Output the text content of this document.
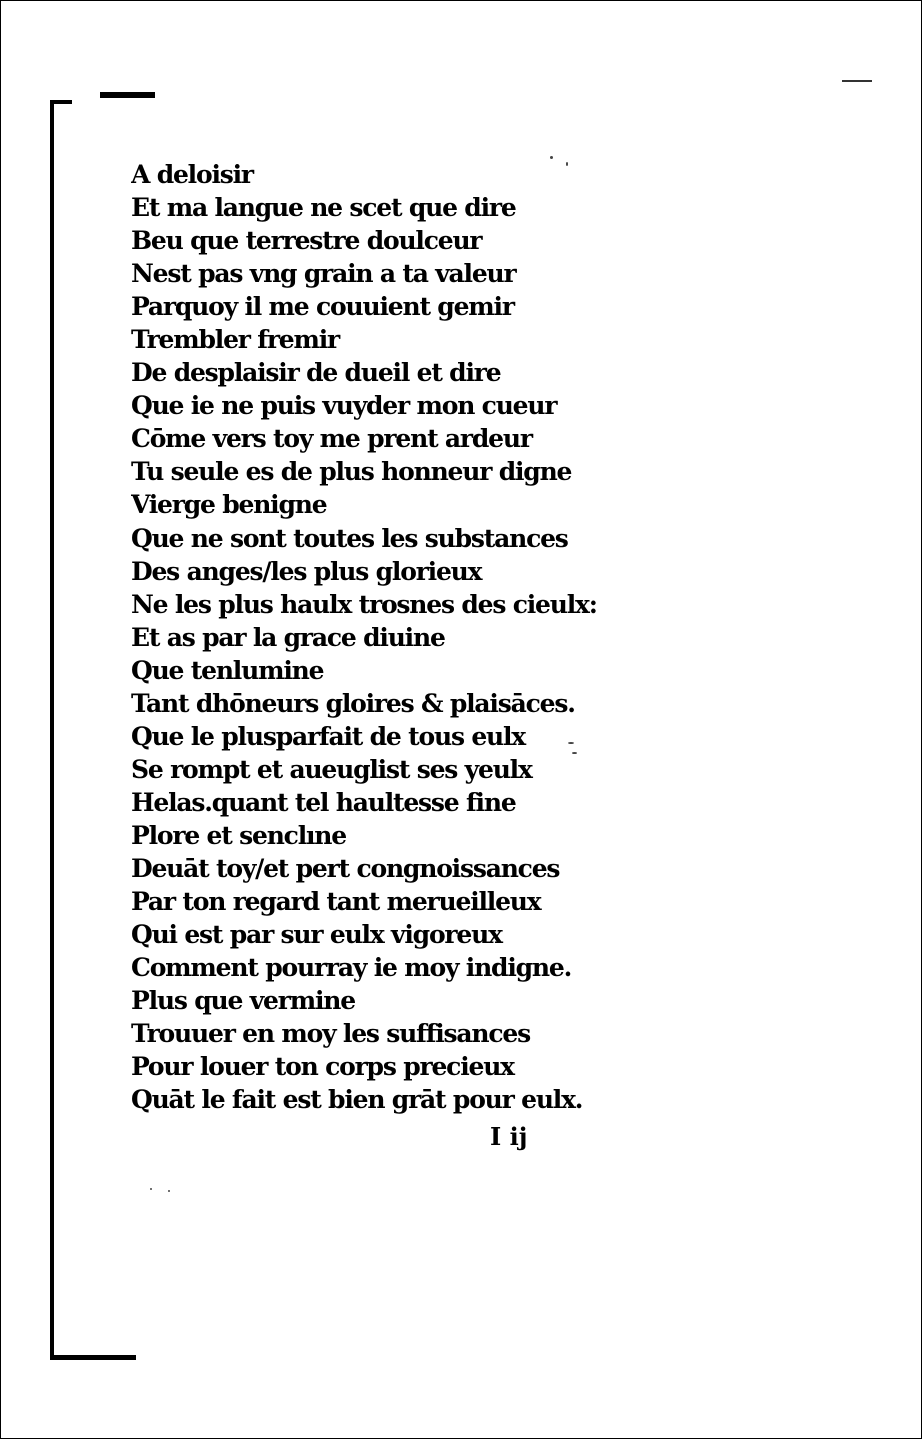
A deloisir
Et ma langue ne scet que dire
Beu que terrestre doulceur
Nest pas vng grain a ta valeur
Parquoy il me couuient gemir
Trembler fremir
De desplaisir de dueil et dire
Que ie ne puis vuyder mon cueur
Cōme vers toy me prent ardeur
Tu seule es de plus honneur digne
Vierge benigne
Que ne sont toutes les substances
Des anges/les plus glorieux
Ne les plus haulx trosnes des cieulx:
Et as par la grace diuine
Que tenlumine
Tant dhōneurs gloires & plaisāces.
Que le plusparfait de tous eulx
Se rompt et aueuglist ses yeulx
Helas.quant tel haultesse fine
Plore et senclıne
Deuāt toy/et pert congnoissances
Par ton regard tant merueilleux
Qui est par sur eulx vigoreux
Comment pourray ie moy indigne.
Plus que vermine
Trouuer en moy les suffisances
Pour louer ton corps precieux
Quāt le fait est bien grāt pour eulx.
I ij
